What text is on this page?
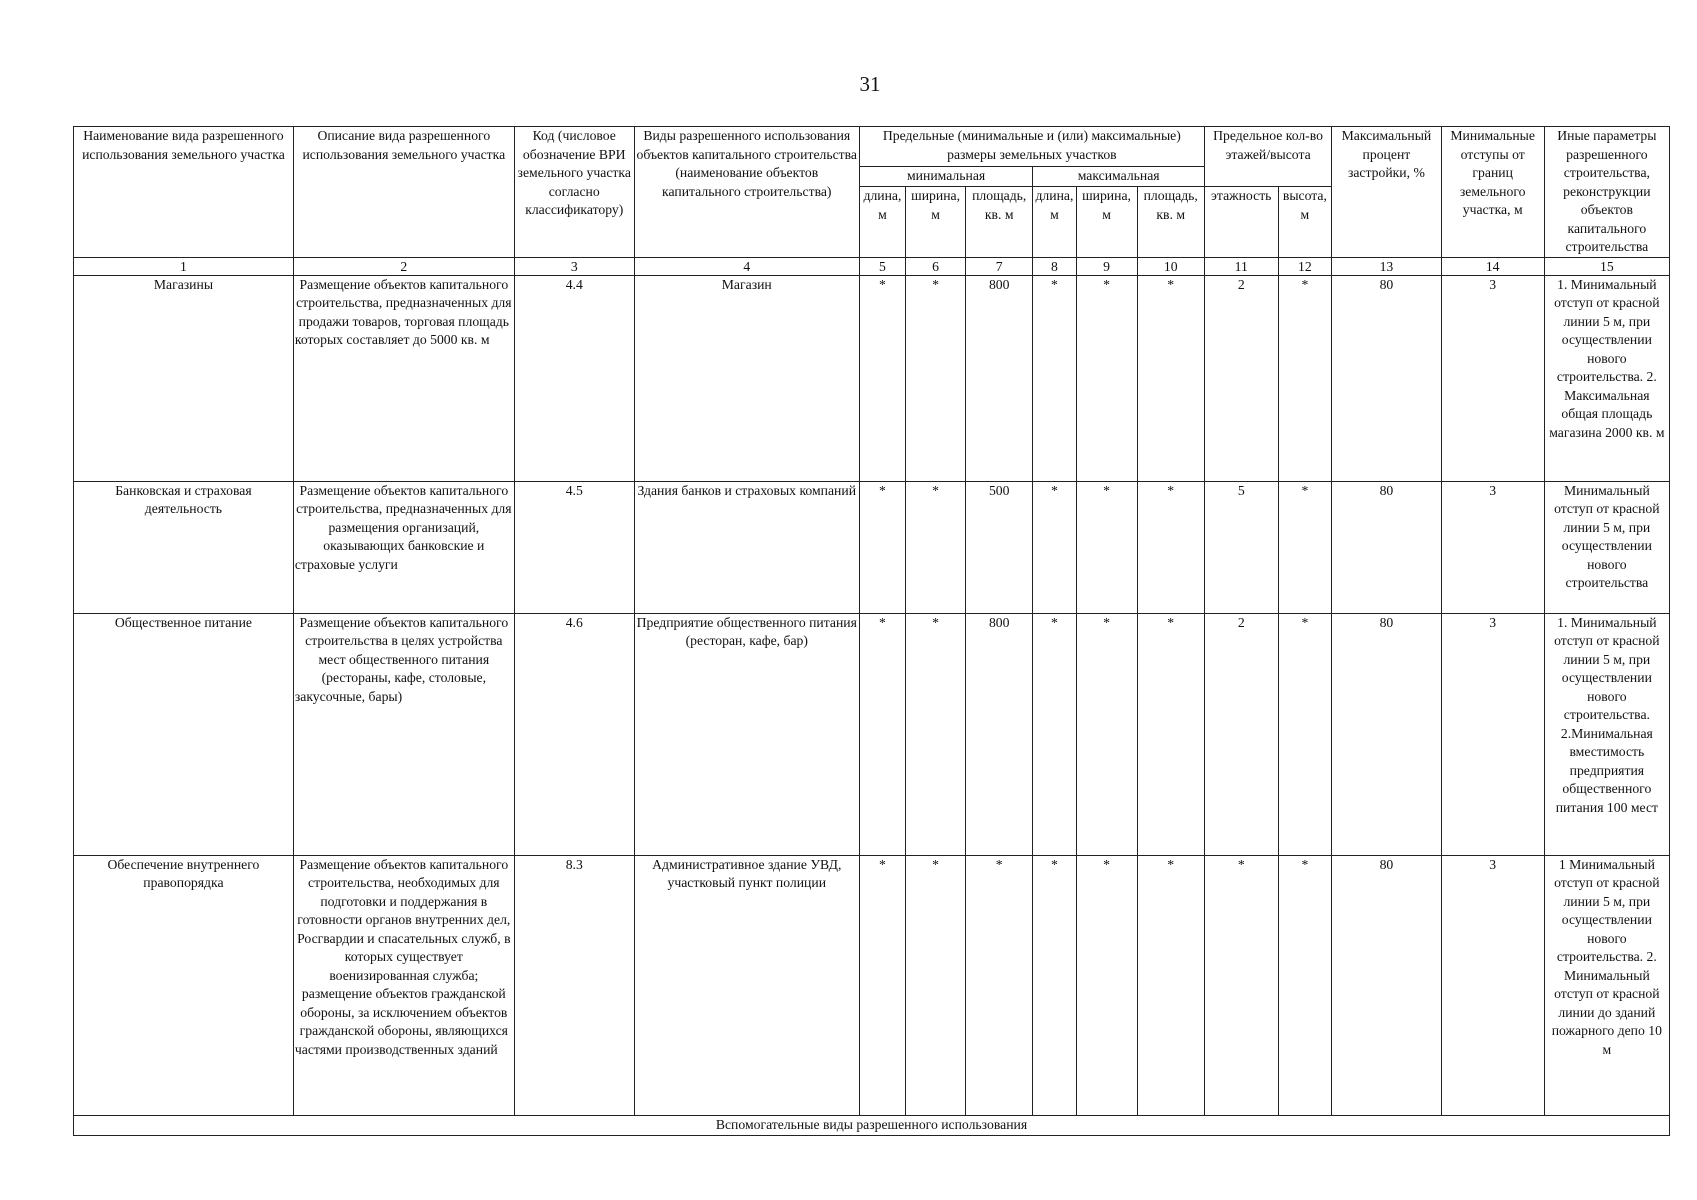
31
Наименование вида разрешенного использования земельного участка	Описание вида разрешенного использования земельного участка	Код (числовое обозначение ВРИ земельного участка согласно классификатору)	Виды разрешенного использования объектов капитального строительства (наименование объектов капитального строительства)	Предельные (минимальные и (или) максимальные) размеры земельных участков						Предельное кол-во этажей/высота		Максимальный процент застройки, %	Минимальные отступы от границ земельного участка, м	Иные параметры разрешенного строительства, реконструкции объектов капитального строительства
				минимальная			максимальная							
				длина, м	ширина, м	площадь, кв. м	длина, м	ширина, м	площадь, кв. м	этажность	высота, м			
1	2	3	4	5	6	7	8	9	10	11	12	13	14	15
Магазины	Размещение объектов капитального строительства, предназначенных для продажи товаров, торговая площадь которых составляет до 5000 кв. м	4.4	Магазин	*	*	800	*	*	*	2	*	80	3	1. Минимальный отступ от красной линии 5 м, при осуществлении нового строительства. 2. Максимальная общая площадь магазина 2000 кв. м
Банковская и страховая деятельность	Размещение объектов капитального строительства, предназначенных для размещения организаций, оказывающих банковские и страховые услуги	4.5	Здания банков и страховых компаний	*	*	500	*	*	*	5	*	80	3	Минимальный отступ от красной линии 5 м, при осуществлении нового строительства
Общественное питание	Размещение объектов капитального строительства в целях устройства мест общественного питания (рестораны, кафе, столовые, закусочные, бары)	4.6	Предприятие общественного питания (ресторан, кафе, бар)	*	*	800	*	*	*	2	*	80	3	1. Минимальный отступ от красной линии 5 м, при осуществлении нового строительства. 2.Минимальная вместимость предприятия общественного питания 100 мест
Обеспечение внутреннего правопорядка	Размещение объектов капитального строительства, необходимых для подготовки и поддержания в готовности органов внутренних дел, Росгвардии и спасательных служб, в которых существует военизированная служба; размещение объектов гражданской обороны, за исключением объектов гражданской обороны, являющихся частями производственных зданий	8.3	Административное здание УВД, участковый пункт полиции	*	*	*	*	*	*	*	*	80	3	1 Минимальный отступ от красной линии 5 м, при осуществлении нового строительства. 2. Минимальный отступ от красной линии до зданий пожарного депо 10 м
Вспомогательные виды разрешенного использования														
